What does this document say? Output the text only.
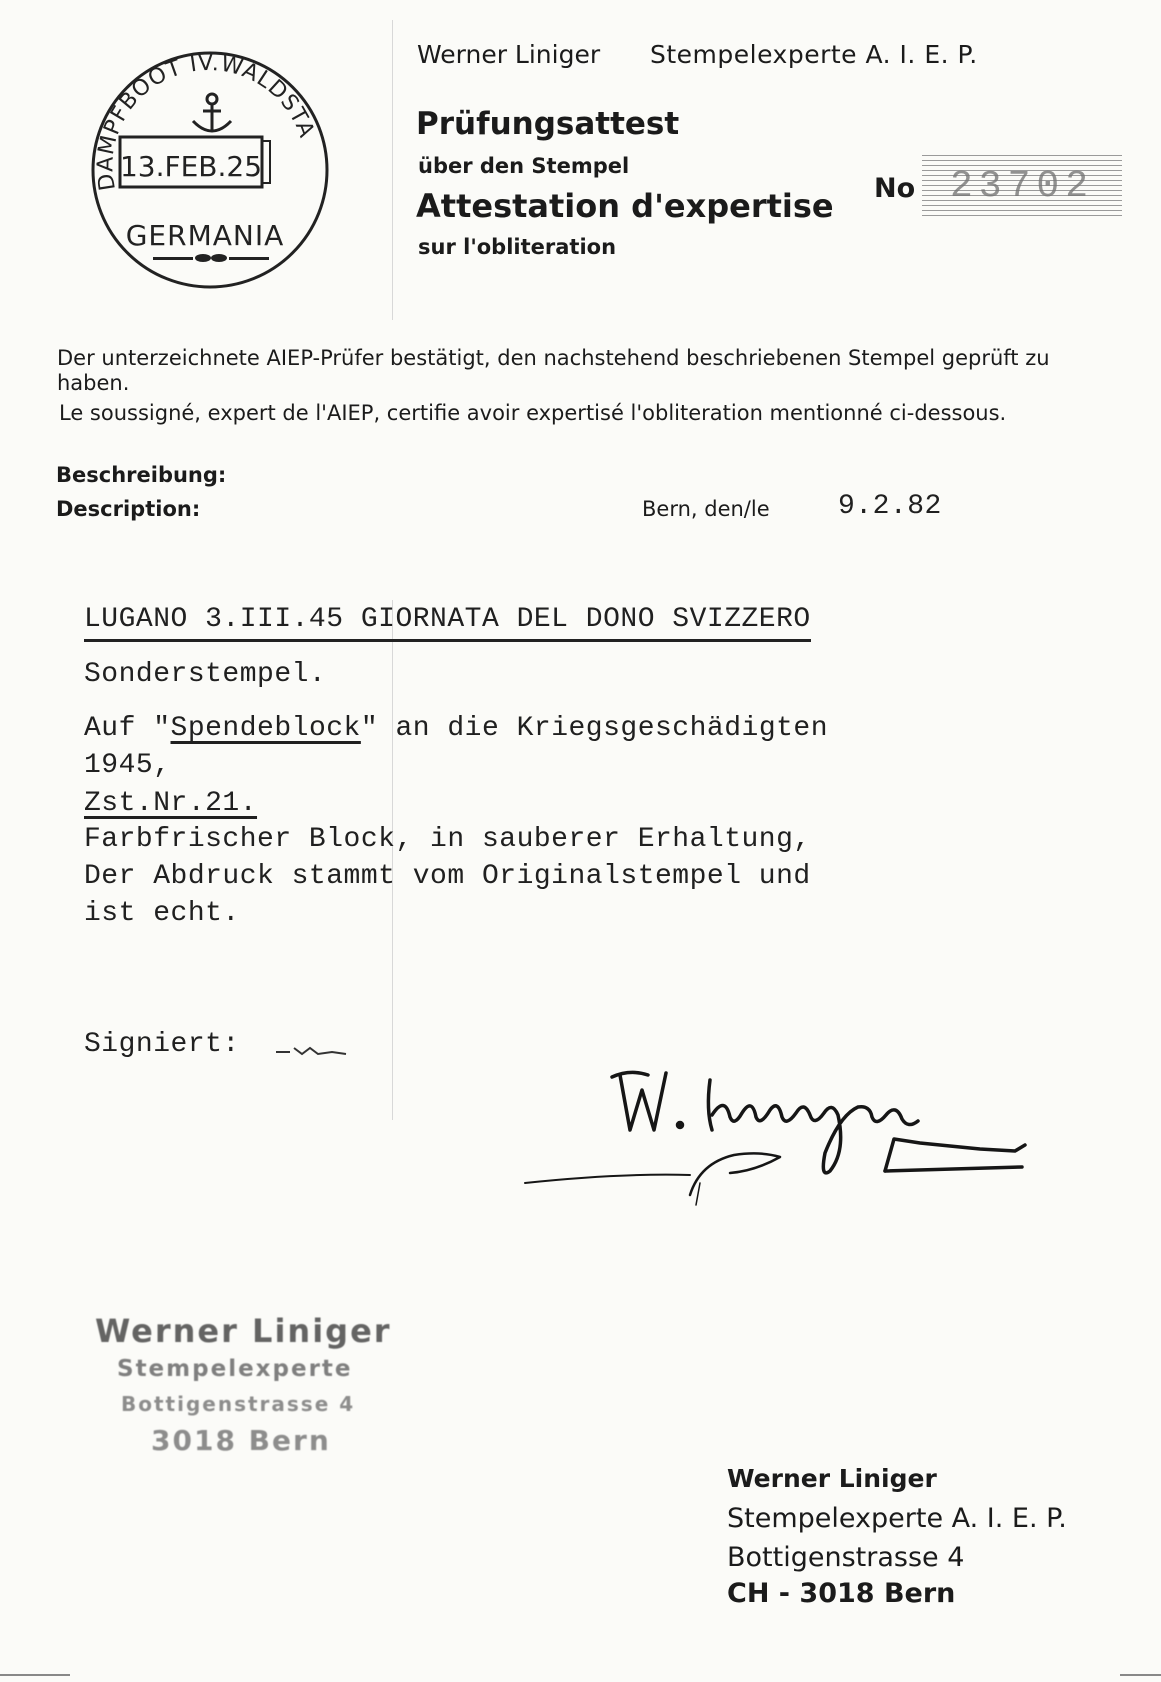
DAMPFBOOT IV.WALDSTA
13.FEB.25
GERMANIA
Werner Liniger Stempelexperte A. I. E. P.
Prüfungsattest
über den Stempel
Attestation d'expertise
sur l'obliteration
No 23702
Der unterzeichnete AIEP-Prüfer bestätigt, den nachstehend beschriebenen Stempel geprüft zu haben.
Le soussigné, expert de l'AIEP, certifie avoir expertisé l'obliteration mentionné ci-dessous.
Beschreibung:
Description:	Bern, den/le 9.2.82
LUGANO 3.III.45 GIORNATA DEL DONO SVIZZERO
Sonderstempel.
Auf "Spendeblock" an die Kriegsgeschädigten
1945,
Zst.Nr.21.
Farbfrischer Block, in sauberer Erhaltung,
Der Abdruck stammt vom Originalstempel und
ist echt.
Signiert:
Werner Liniger
Stempelexperte
Bottigenstrasse 4
3018 Bern
Werner Liniger
Stempelexperte A. I. E. P.
Bottigenstrasse 4
CH - 3018 Bern
